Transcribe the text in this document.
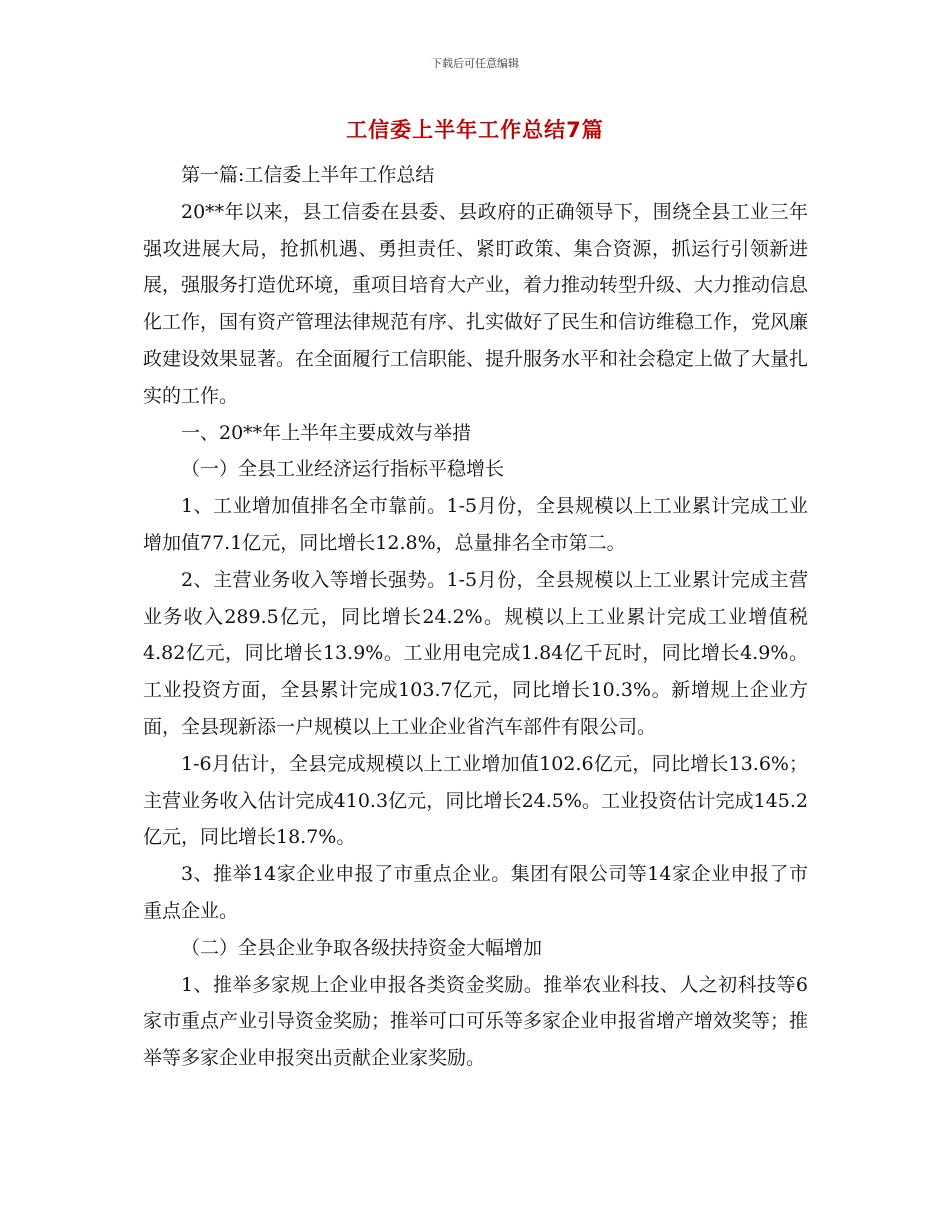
下载后可任意编辑
工信委上半年工作总结7篇

第一篇:工信委上半年工作总结

20**年以来，县工信委在县委、县政府的正确领导下，围绕全县工业三年强攻进展大局，抢抓机遇、勇担责任、紧盯政策、集合资源，抓运行引领新进展，强服务打造优环境，重项目培育大产业，着力推动转型升级、大力推动信息化工作，国有资产管理法律规范有序、扎实做好了民生和信访维稳工作，党风廉政建设效果显著。在全面履行工信职能、提升服务水平和社会稳定上做了大量扎实的工作。

一、20**年上半年主要成效与举措

（一）全县工业经济运行指标平稳增长

1、工业增加值排名全市靠前。1-5月份，全县规模以上工业累计完成工业增加值77.1亿元，同比增长12.8%，总量排名全市第二。

2、主营业务收入等增长强势。1-5月份，全县规模以上工业累计完成主营业务收入289.5亿元，同比增长24.2%。规模以上工业累计完成工业增值税4.82亿元，同比增长13.9%。工业用电完成1.84亿千瓦时，同比增长4.9%。工业投资方面，全县累计完成103.7亿元，同比增长10.3%。新增规上企业方面，全县现新添一户规模以上工业企业省汽车部件有限公司。

1-6月估计，全县完成规模以上工业增加值102.6亿元，同比增长13.6%；主营业务收入估计完成410.3亿元，同比增长24.5%。工业投资估计完成145.2亿元，同比增长18.7%。

3、推举14家企业申报了市重点企业。集团有限公司等14家企业申报了市重点企业。

（二）全县企业争取各级扶持资金大幅增加

1、推举多家规上企业申报各类资金奖励。推举农业科技、人之初科技等6家市重点产业引导资金奖励；推举可口可乐等多家企业申报省增产增效奖等；推举等多家企业申报突出贡献企业家奖励。
